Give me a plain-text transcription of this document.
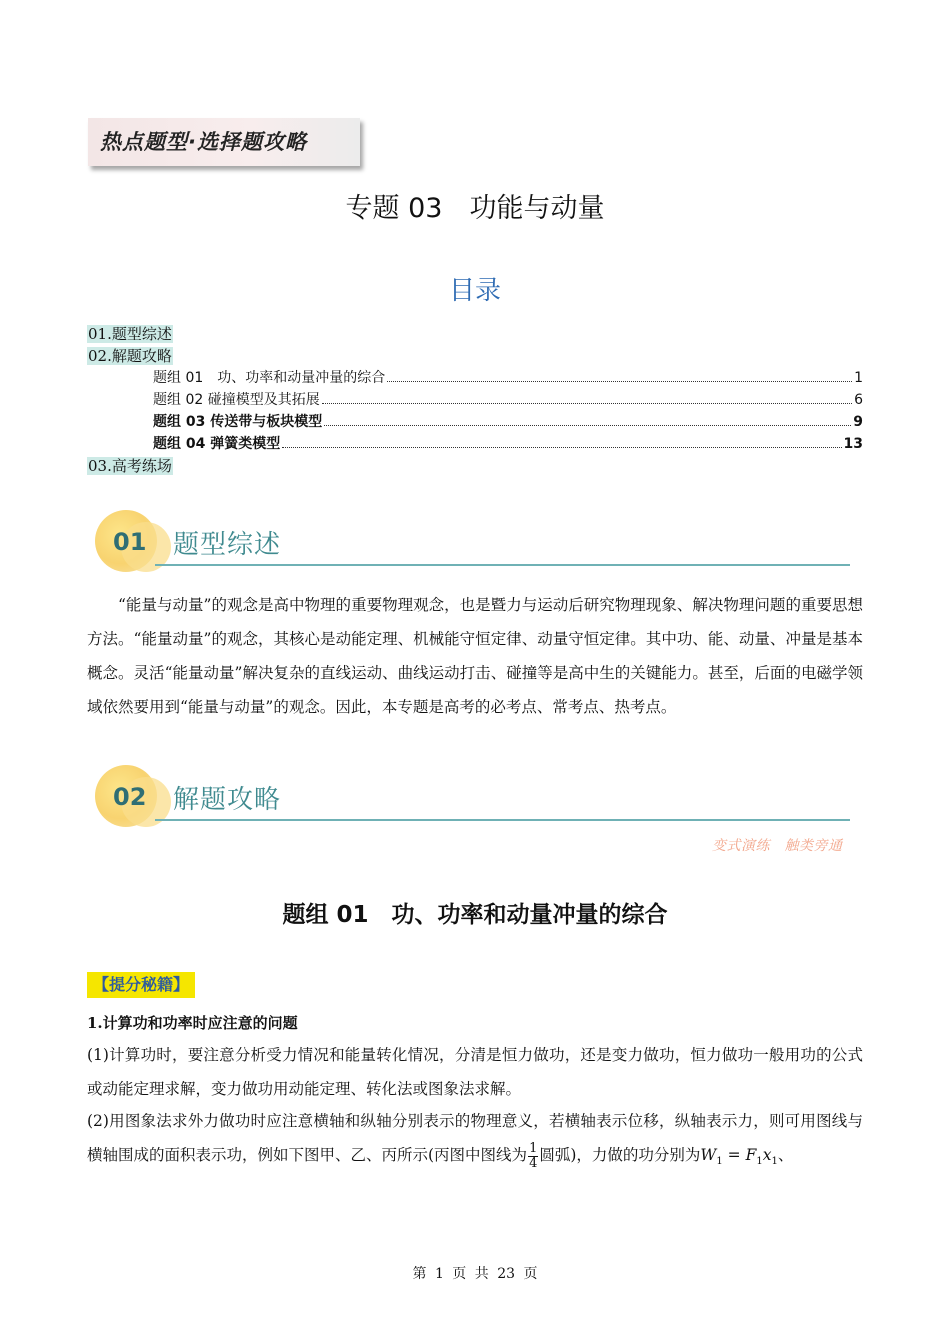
热点题型·选择题攻略
专题 03　功能与动量
目录
01.题型综述
02.解题攻略
题组 01　功、功率和动量冲量的综合	1
题组 02 碰撞模型及其拓展	6
题组 03 传送带与板块模型	9
题组 04 弹簧类模型	13
03.高考练场
01 题型综述
“能量与动量”的观念是高中物理的重要物理观念，也是暨力与运动后研究物理现象、解决物理问题的重要思想方法。“能量动量”的观念，其核心是动能定理、机械能守恒定律、动量守恒定律。其中功、能、动量、冲量是基本概念。灵活“能量动量”解决复杂的直线运动、曲线运动打击、碰撞等是高中生的关键能力。甚至，后面的电磁学领域依然要用到“能量与动量”的观念。因此，本专题是高考的必考点、常考点、热考点。
02 解题攻略
变式演练　触类旁通
题组 01　功、功率和动量冲量的综合
【提分秘籍】
1.计算功和功率时应注意的问题
(1)计算功时，要注意分析受力情况和能量转化情况，分清是恒力做功，还是变力做功，恒力做功一般用功的公式或动能定理求解，变力做功用动能定理、转化法或图象法求解。
(2)用图象法求外力做功时应注意横轴和纵轴分别表示的物理意义，若横轴表示位移，纵轴表示力，则可用图线与横轴围成的面积表示功，例如下图甲、乙、丙所示(丙图中图线为 $\frac{1}{4}$ 圆弧)，力做的功分别为$W_1 = F_1x_1$、
第 1 页 共 23 页
